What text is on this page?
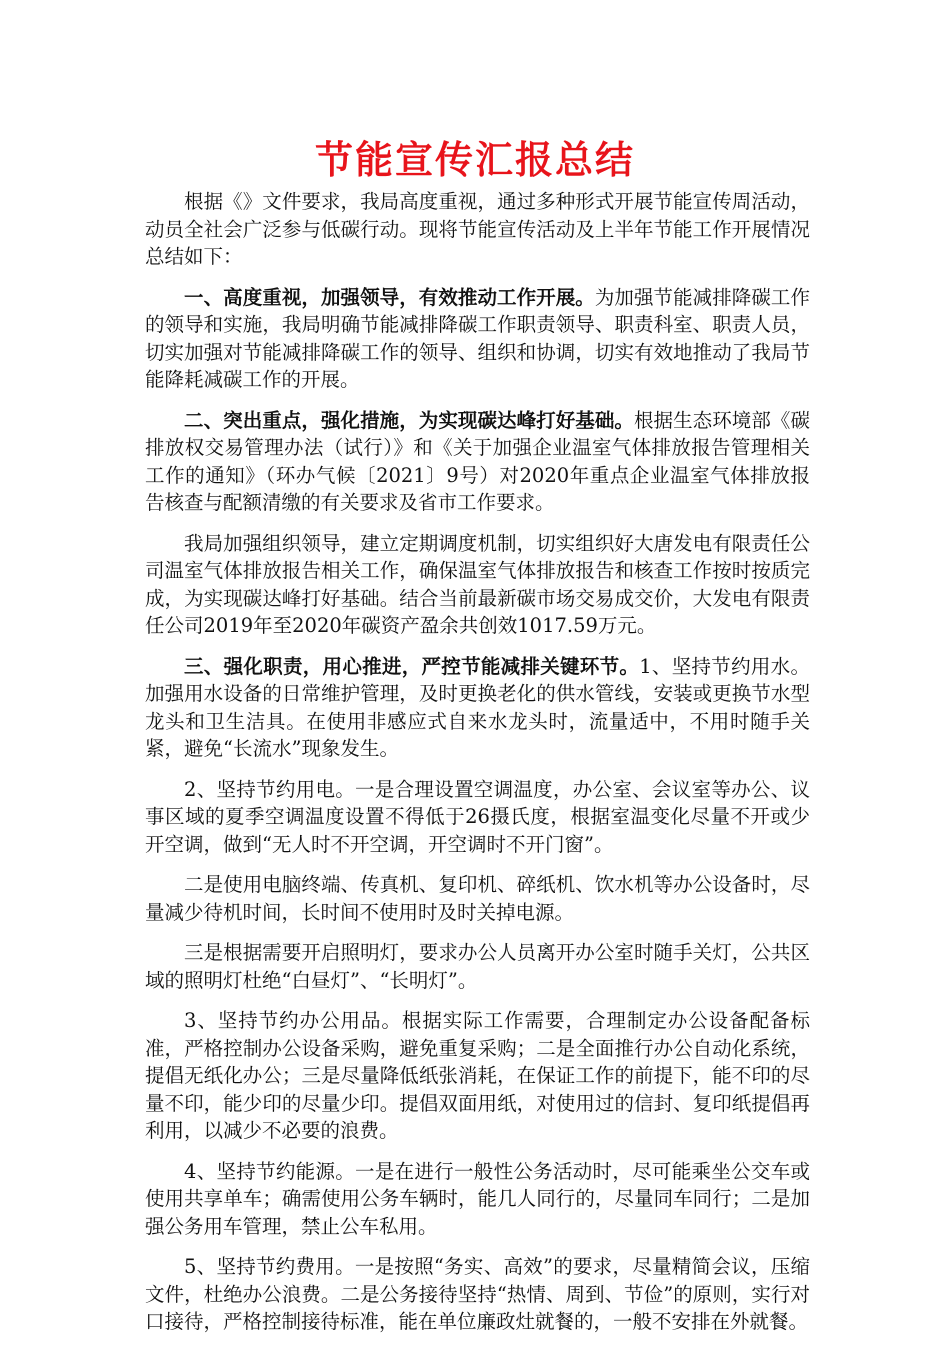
节能宣传汇报总结

根据《》文件要求，我局高度重视，通过多种形式开展节能宣传周活动，动员全社会广泛参与低碳行动。现将节能宣传活动及上半年节能工作开展情况总结如下：

一、高度重视，加强领导，有效推动工作开展。为加强节能减排降碳工作的领导和实施，我局明确节能减排降碳工作职责领导、职责科室、职责人员，切实加强对节能减排降碳工作的领导、组织和协调，切实有效地推动了我局节能降耗减碳工作的开展。

二、突出重点，强化措施，为实现碳达峰打好基础。根据生态环境部《碳排放权交易管理办法（试行）》和《关于加强企业温室气体排放报告管理相关工作的通知》（环办气候〔2021〕9号）对2020年重点企业温室气体排放报告核查与配额清缴的有关要求及省市工作要求。

我局加强组织领导，建立定期调度机制，切实组织好大唐发电有限责任公司温室气体排放报告相关工作，确保温室气体排放报告和核查工作按时按质完成，为实现碳达峰打好基础。结合当前最新碳市场交易成交价，大发电有限责任公司2019年至2020年碳资产盈余共创效1017.59万元。

三、强化职责，用心推进，严控节能减排关键环节。1、坚持节约用水。加强用水设备的日常维护管理，及时更换老化的供水管线，安装或更换节水型龙头和卫生洁具。在使用非感应式自来水龙头时，流量适中，不用时随手关紧，避免“长流水”现象发生。

2、坚持节约用电。一是合理设置空调温度，办公室、会议室等办公、议事区域的夏季空调温度设置不得低于26摄氏度，根据室温变化尽量不开或少开空调，做到“无人时不开空调，开空调时不开门窗”。

二是使用电脑终端、传真机、复印机、碎纸机、饮水机等办公设备时，尽量减少待机时间，长时间不使用时及时关掉电源。

三是根据需要开启照明灯，要求办公人员离开办公室时随手关灯，公共区域的照明灯杜绝“白昼灯”、“长明灯”。

3、坚持节约办公用品。根据实际工作需要，合理制定办公设备配备标准，严格控制办公设备采购，避免重复采购；二是全面推行办公自动化系统，提倡无纸化办公；三是尽量降低纸张消耗，在保证工作的前提下，能不印的尽量不印，能少印的尽量少印。提倡双面用纸，对使用过的信封、复印纸提倡再利用，以减少不必要的浪费。

4、坚持节约能源。一是在进行一般性公务活动时，尽可能乘坐公交车或使用共享单车；确需使用公务车辆时，能几人同行的，尽量同车同行；二是加强公务用车管理，禁止公车私用。

5、坚持节约费用。一是按照“务实、高效”的要求，尽量精简会议，压缩文件，杜绝办公浪费。二是公务接待坚持“热情、周到、节俭”的原则，实行对口接待，严格控制接待标准，能在单位廉政灶就餐的，一般不安排在外就餐。
